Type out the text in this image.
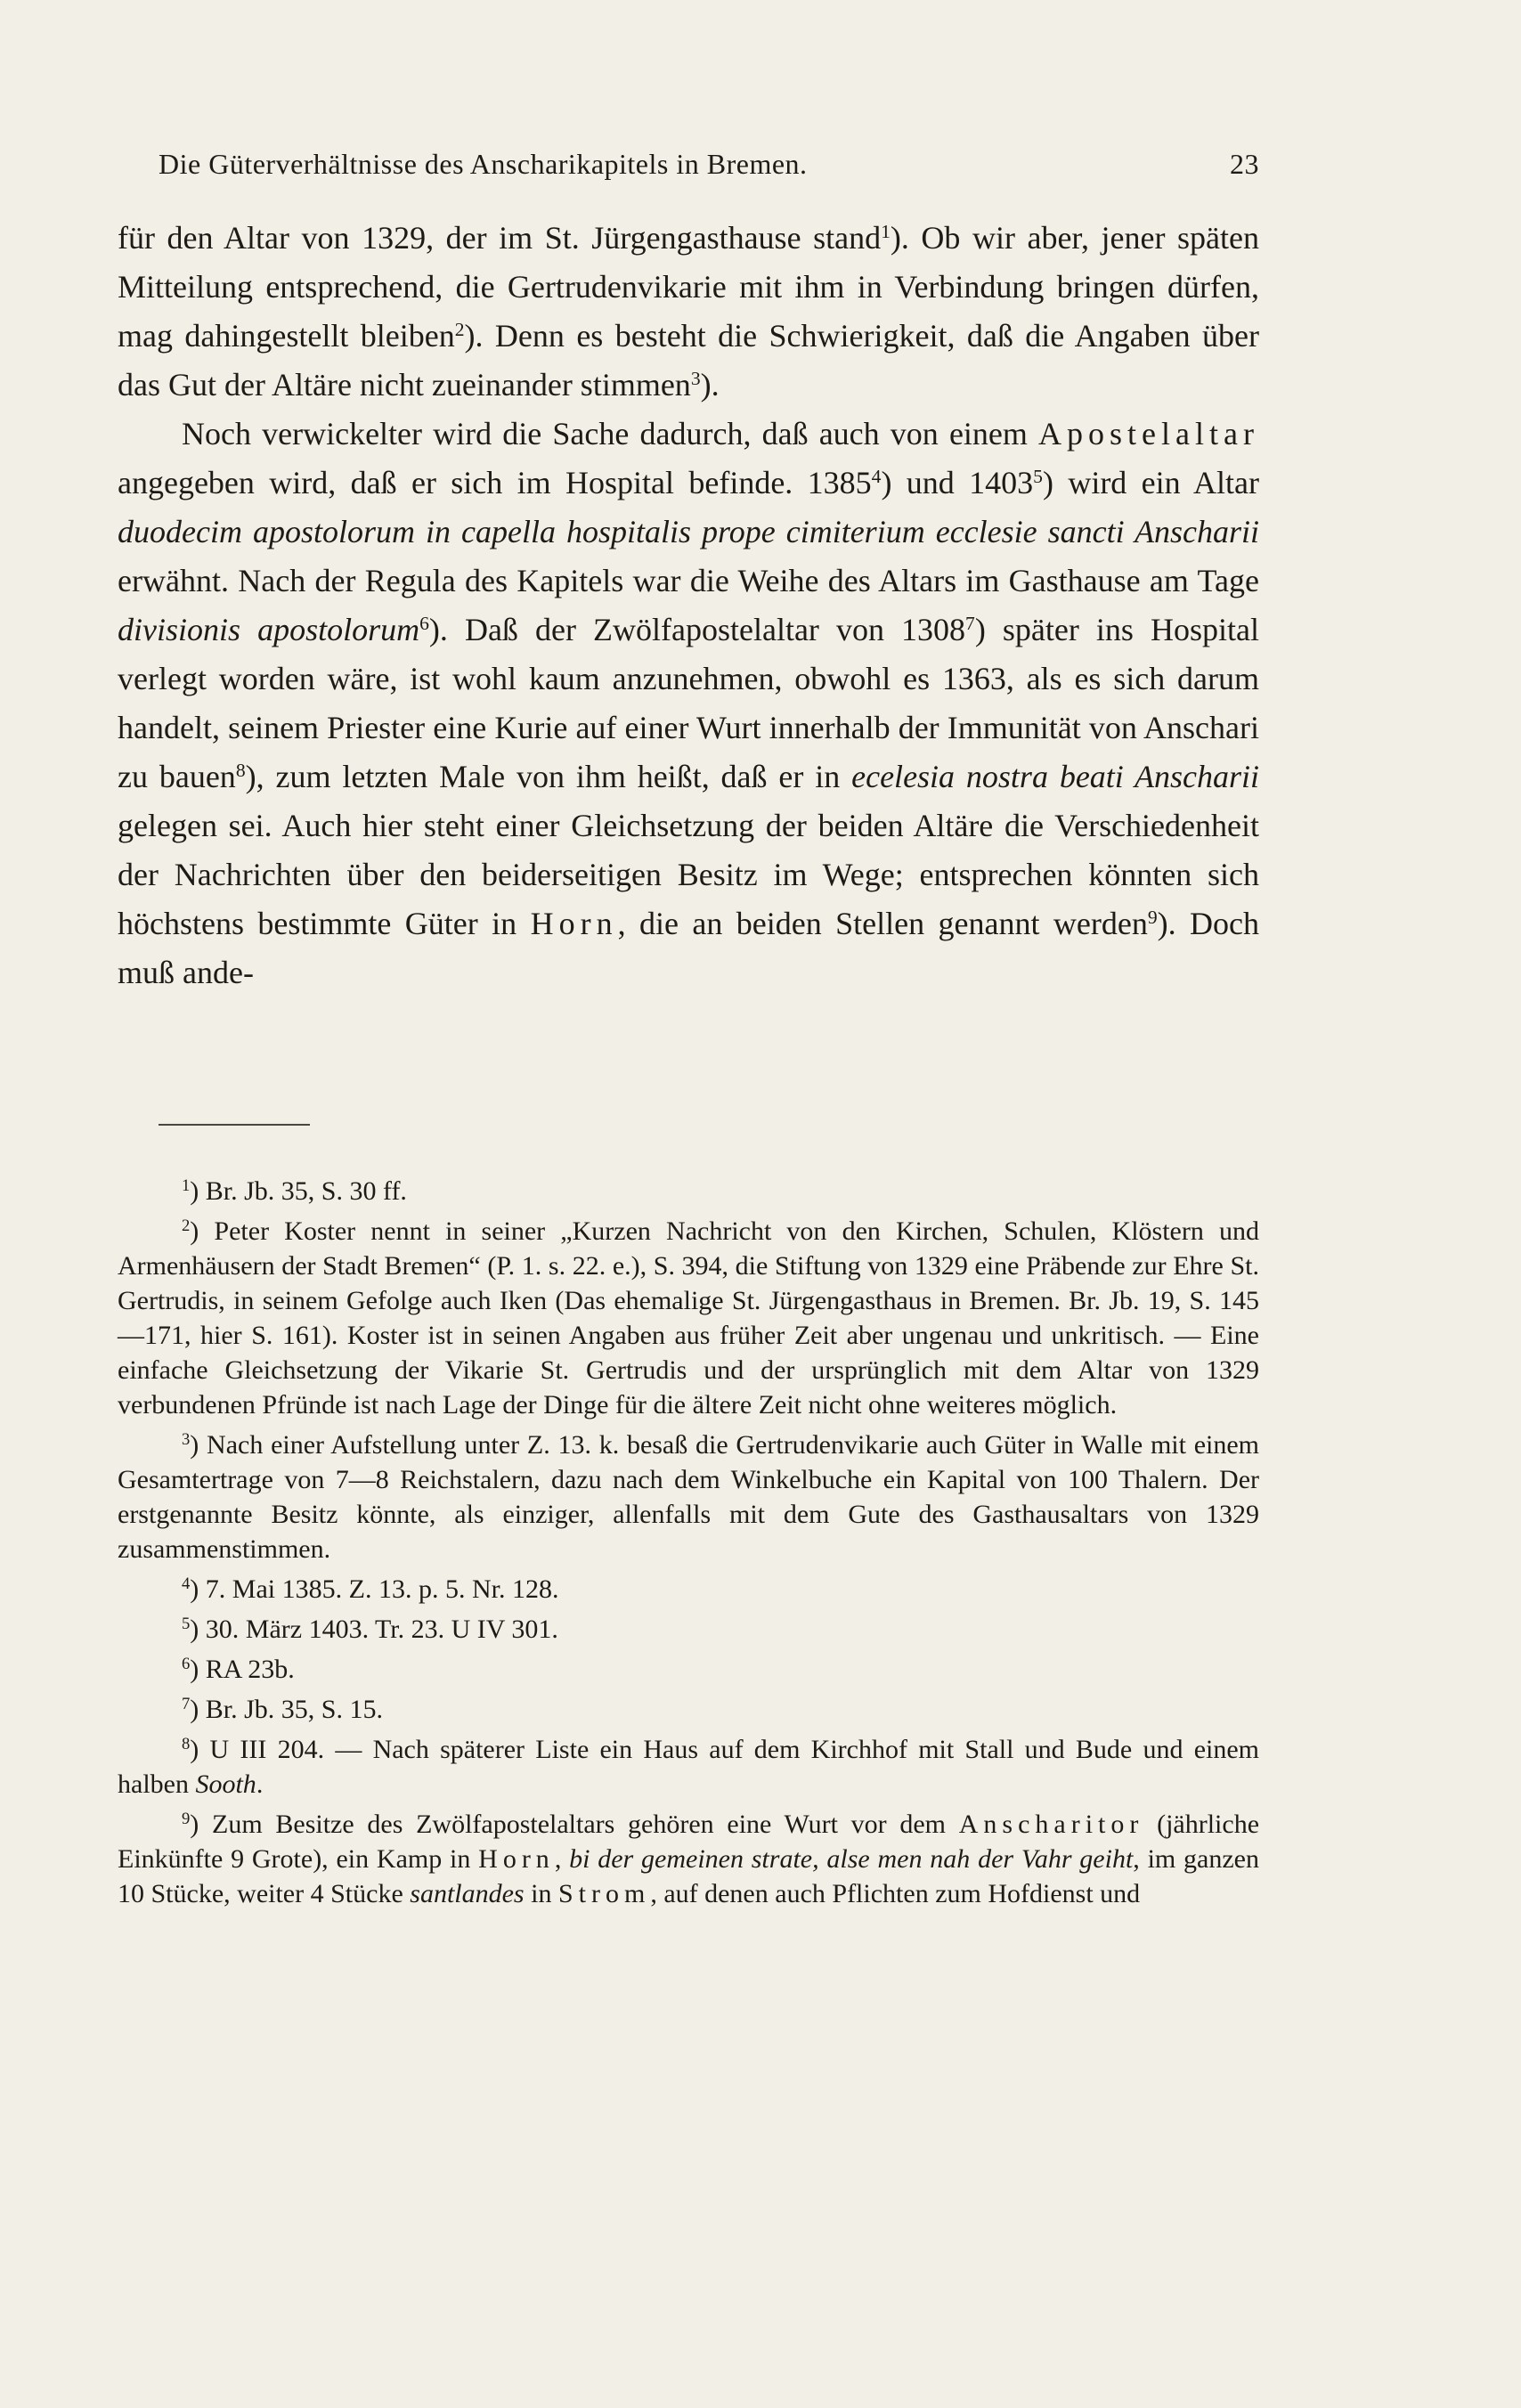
Die Güterverhältnisse des Anscharikapitels in Bremen.	23

für den Altar von 1329, der im St. Jürgengasthause stand$^1$). Ob wir aber, jener späten Mitteilung entsprechend, die Gertrudenvikarie mit ihm in Verbindung bringen dürfen, mag dahingestellt bleiben$^2$). Denn es besteht die Schwierigkeit, daß die Angaben über das Gut der Altäre nicht zueinander stimmen$^3$).

Noch verwickelter wird die Sache dadurch, daß auch von einem Apostelaltar angegeben wird, daß er sich im Hospital befinde. 1385$^4$) und 1403$^5$) wird ein Altar duodecim apostolorum in capella hospitalis prope cimiterium ecclesie sancti Anscharii erwähnt. Nach der Regula des Kapitels war die Weihe des Altars im Gasthause am Tage divisionis apostolorum$^6$). Daß der Zwölfapostelaltar von 1308$^7$) später ins Hospital verlegt worden wäre, ist wohl kaum anzunehmen, obwohl es 1363, als es sich darum handelt, seinem Priester eine Kurie auf einer Wurt innerhalb der Immunität von Anschari zu bauen$^8$), zum letzten Male von ihm heißt, daß er in ecelesia nostra beati Anscharii gelegen sei. Auch hier steht einer Gleichsetzung der beiden Altäre die Verschiedenheit der Nachrichten über den beiderseitigen Besitz im Wege; entsprechen könnten sich höchstens bestimmte Güter in Horn, die an beiden Stellen genannt werden$^9$). Doch muß ande-

$^1$) Br. Jb. 35, S. 30 ff.

$^2$) Peter Koster nennt in seiner „Kurzen Nachricht von den Kirchen, Schulen, Klöstern und Armenhäusern der Stadt Bremen“ (P. 1. s. 22. e.), S. 394, die Stiftung von 1329 eine Präbende zur Ehre St. Gertrudis, in seinem Gefolge auch Iken (Das ehemalige St. Jürgengasthaus in Bremen. Br. Jb. 19, S. 145—171, hier S. 161). Koster ist in seinen Angaben aus früher Zeit aber ungenau und unkritisch. — Eine einfache Gleichsetzung der Vikarie St. Gertrudis und der ursprünglich mit dem Altar von 1329 verbundenen Pfründe ist nach Lage der Dinge für die ältere Zeit nicht ohne weiteres möglich.

$^3$) Nach einer Aufstellung unter Z. 13. k. besaß die Gertrudenvikarie auch Güter in Walle mit einem Gesamtertrage von 7—8 Reichstalern, dazu nach dem Winkelbuche ein Kapital von 100 Thalern. Der erstgenannte Besitz könnte, als einziger, allenfalls mit dem Gute des Gasthausaltars von 1329 zusammenstimmen.

$^4$) 7. Mai 1385. Z. 13. p. 5. Nr. 128.

$^5$) 30. März 1403. Tr. 23. U IV 301.

$^6$) RA 23b.

$^7$) Br. Jb. 35, S. 15.

$^8$) U III 204. — Nach späterer Liste ein Haus auf dem Kirchhof mit Stall und Bude und einem halben Sooth.

$^9$) Zum Besitze des Zwölfapostelaltars gehören eine Wurt vor dem Anscharitor (jährliche Einkünfte 9 Grote), ein Kamp in Horn, bi der gemeinen strate, alse men nah der Vahr geiht, im ganzen 10 Stücke, weiter 4 Stücke santlandes in Strom, auf denen auch Pflichten zum Hofdienst und
